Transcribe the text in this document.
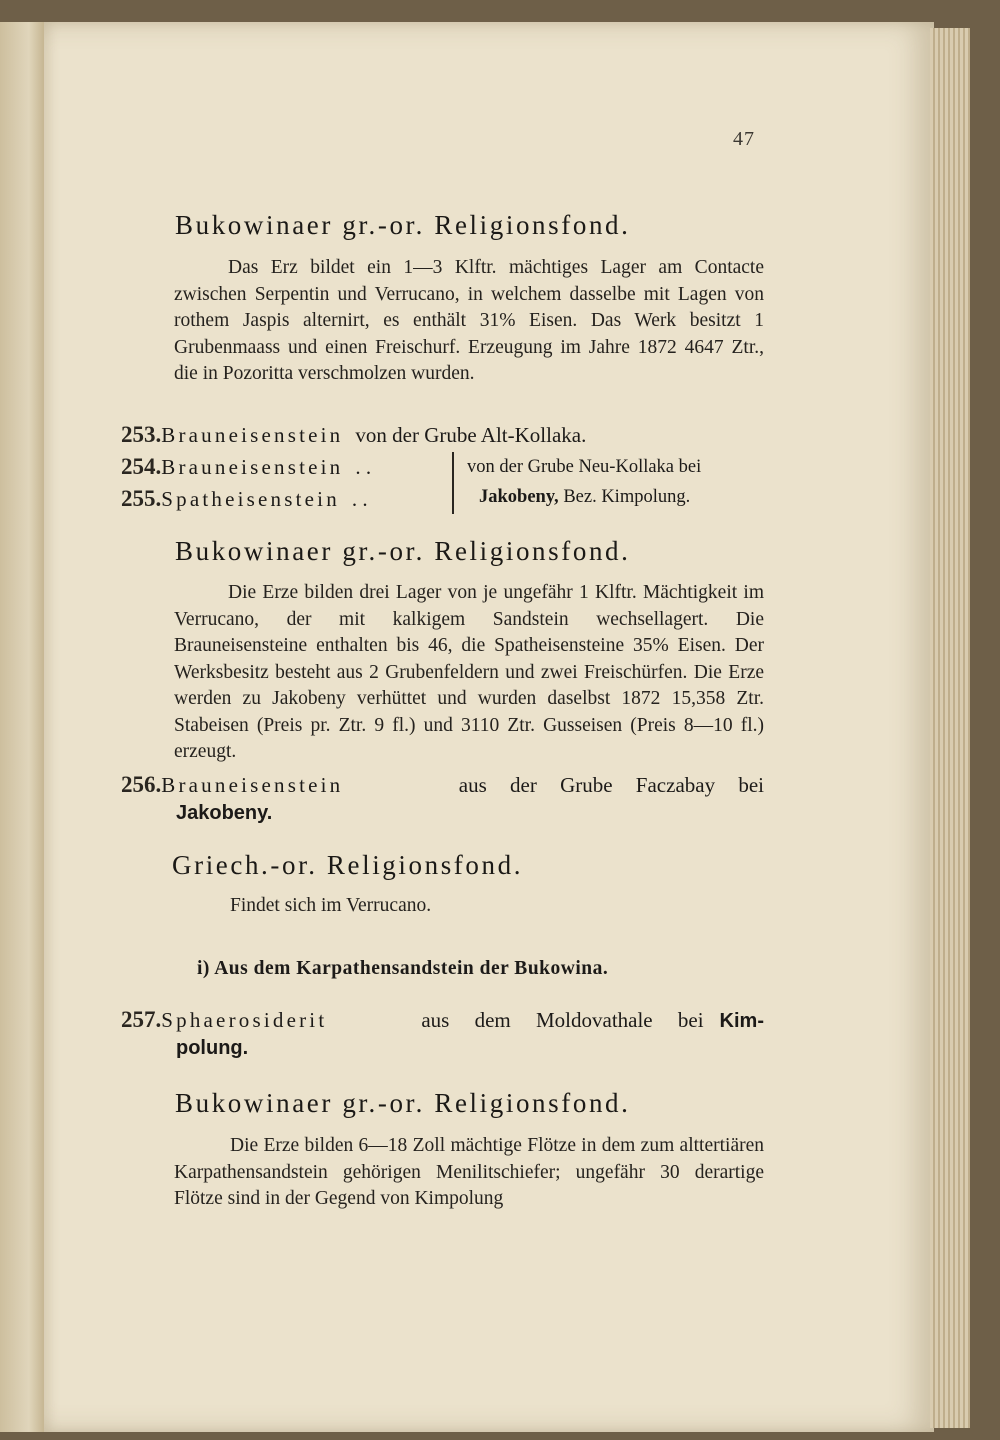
47
Bukowinaer gr.-or. Religionsfond.
Das Erz bildet ein 1—3 Klftr. mächtiges Lager am Contacte zwischen Serpentin und Verrucano, in welchem dasselbe mit Lagen von rothem Jaspis alternirt, es enthält 31% Eisen. Das Werk besitzt 1 Grubenmaass und einen Freischurf. Erzeugung im Jahre 1872 4647 Ztr., die in Pozoritta verschmolzen wurden.
253.Brauneisenstein von der Grube Alt-Kollaka.
254.Brauneisenstein . .
255.Spatheisenstein . .
von der Grube Neu-Kollaka bei
Jakobeny, Bez. Kimpolung.
Bukowinaer gr.-or. Religionsfond.
Die Erze bilden drei Lager von je ungefähr 1 Klftr. Mächtigkeit im Verrucano, der mit kalkigem Sandstein wechsellagert. Die Brauneisensteine enthalten bis 46, die Spatheisensteine 35% Eisen. Der Werksbesitz besteht aus 2 Grubenfeldern und zwei Freischürfen. Die Erze werden zu Jakobeny verhüttet und wurden daselbst 1872 15,358 Ztr. Stabeisen (Preis pr. Ztr. 9 fl.) und 3110 Ztr. Gusseisen (Preis 8—10 fl.) erzeugt.
256.Brauneisenstein	aus der Grube Faczabay bei
Jakobeny.
Griech.-or. Religionsfond.
Findet sich im Verrucano.
i) Aus dem Karpathensandstein der Bukowina.
257.Sphaerosiderit	aus dem Moldovathale bei Kim-
polung.
Bukowinaer gr.-or. Religionsfond.
Die Erze bilden 6—18 Zoll mächtige Flötze in dem zum alttertiären Karpathensandstein gehörigen Menilitschiefer; ungefähr 30 derartige Flötze sind in der Gegend von Kimpolung
